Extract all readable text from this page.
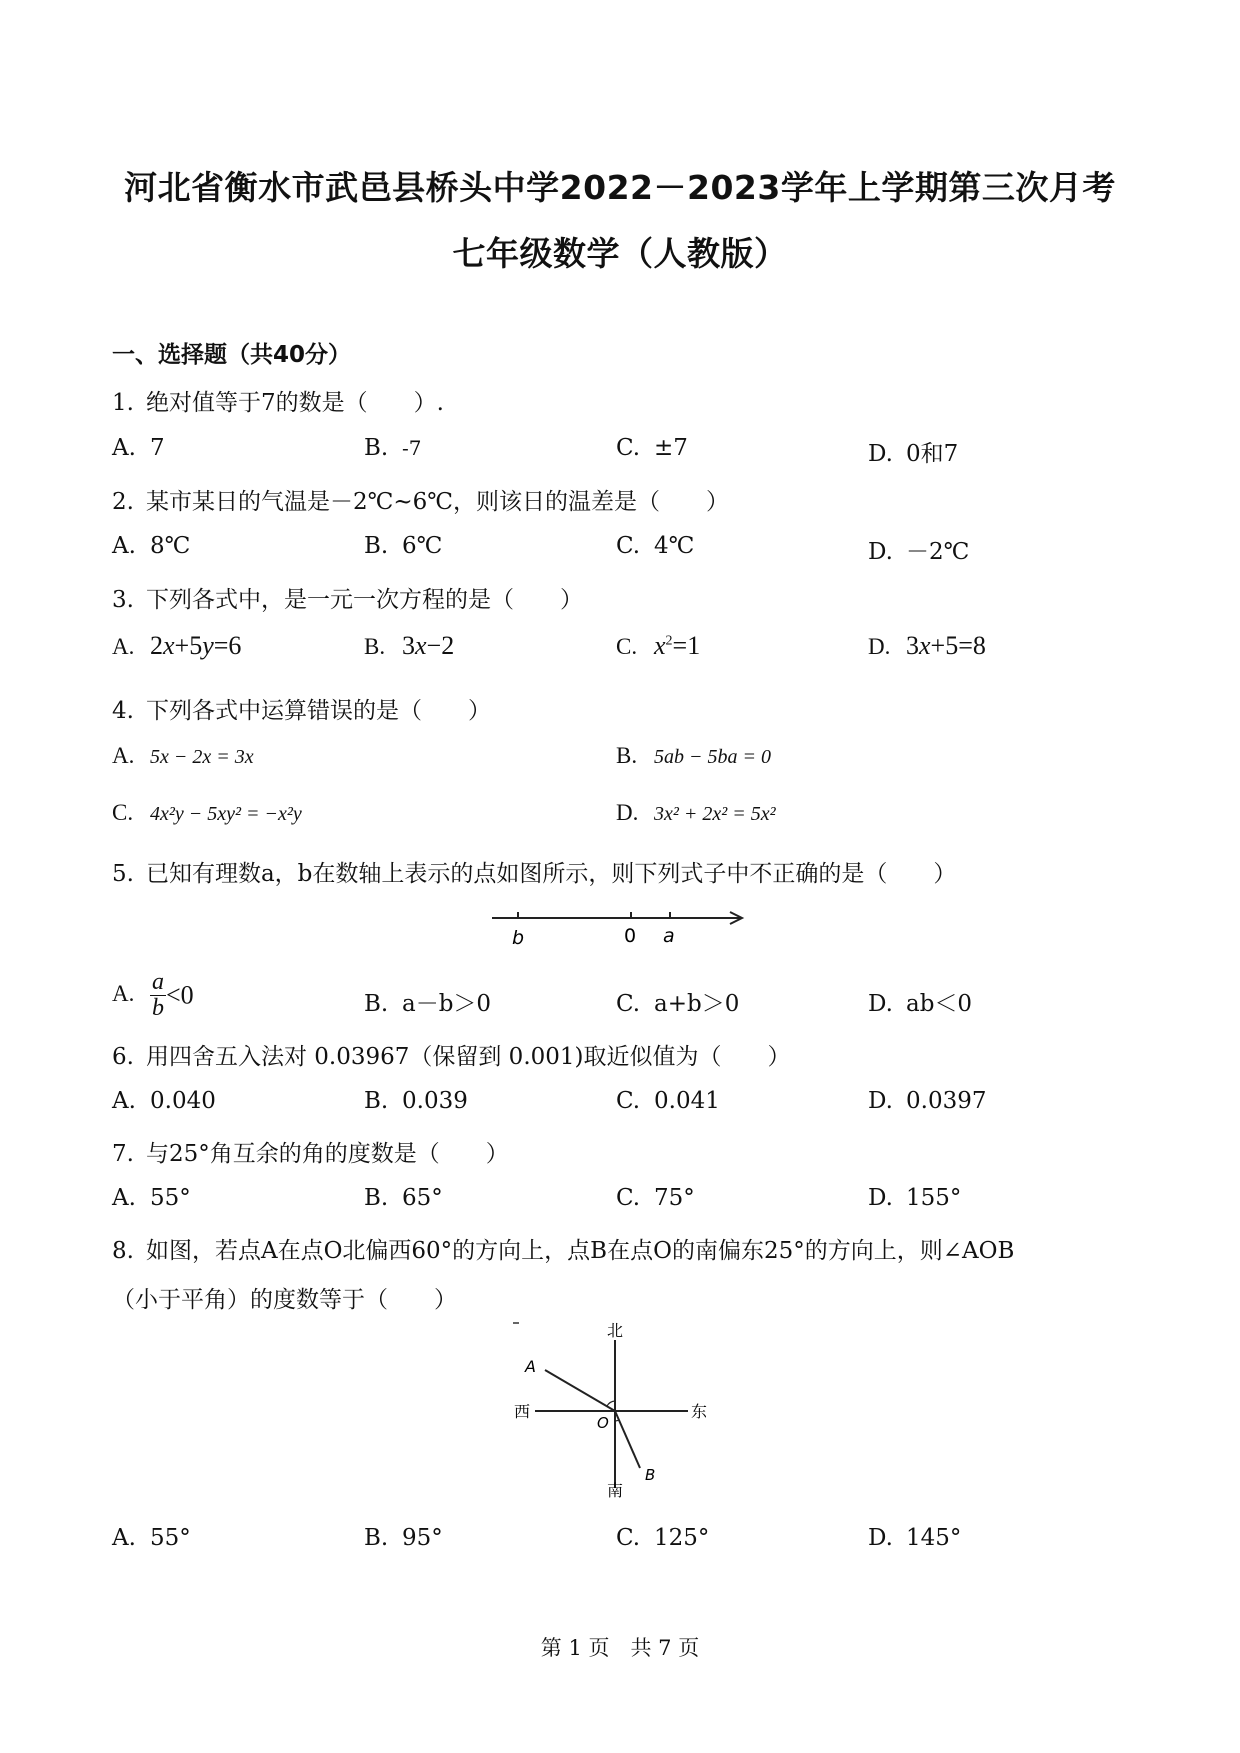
河北省衡水市武邑县桥头中学2022－2023学年上学期第三次月考
七年级数学（人教版）
一、选择题（共40分）
1. 绝对值等于7的数是（　　）.
A. 7	B. -7	C. ±7	D. 0和7
2. 某市某日的气温是－2℃~6℃，则该日的温差是（　　）
A. 8℃	B. 6℃	C. 4℃	D. －2℃
3. 下列各式中，是一元一次方程的是（　　）
A. 2x+5y=6	B. 3x−2	C. $x^2=1$	D. 3x+5=8
4. 下列各式中运算错误的是（　　）
A. 5x − 2x = 3x	B. 5ab − 5ba = 0
C. 4x²y − 5xy² = −x²y	D. 3x² + 2x² = 5x²
5. 已知有理数a，b在数轴上表示的点如图所示，则下列式子中不正确的是（　　）
b	0 a
A. $\frac{a}{b} <0$	B. a－b＞0	C. a+b＞0	D. ab＜0
6. 用四舍五入法对 0.03967（保留到 0.001)取近似值为（　　）
A. 0.040	B. 0.039	C. 0.041	D. 0.0397
7. 与25°角互余的角的度数是（　　）
A. 55°	B. 65°	C. 75°	D. 155°
8. 如图，若点A在点O北偏西60°的方向上，点B在点O的南偏东25°的方向上，则∠AOB
（小于平角）的度数等于（　　）
北
南
西	东
A
B
O
A. 55°	B. 95°	C. 125°	D. 145°
第 1 页　共 7 页
